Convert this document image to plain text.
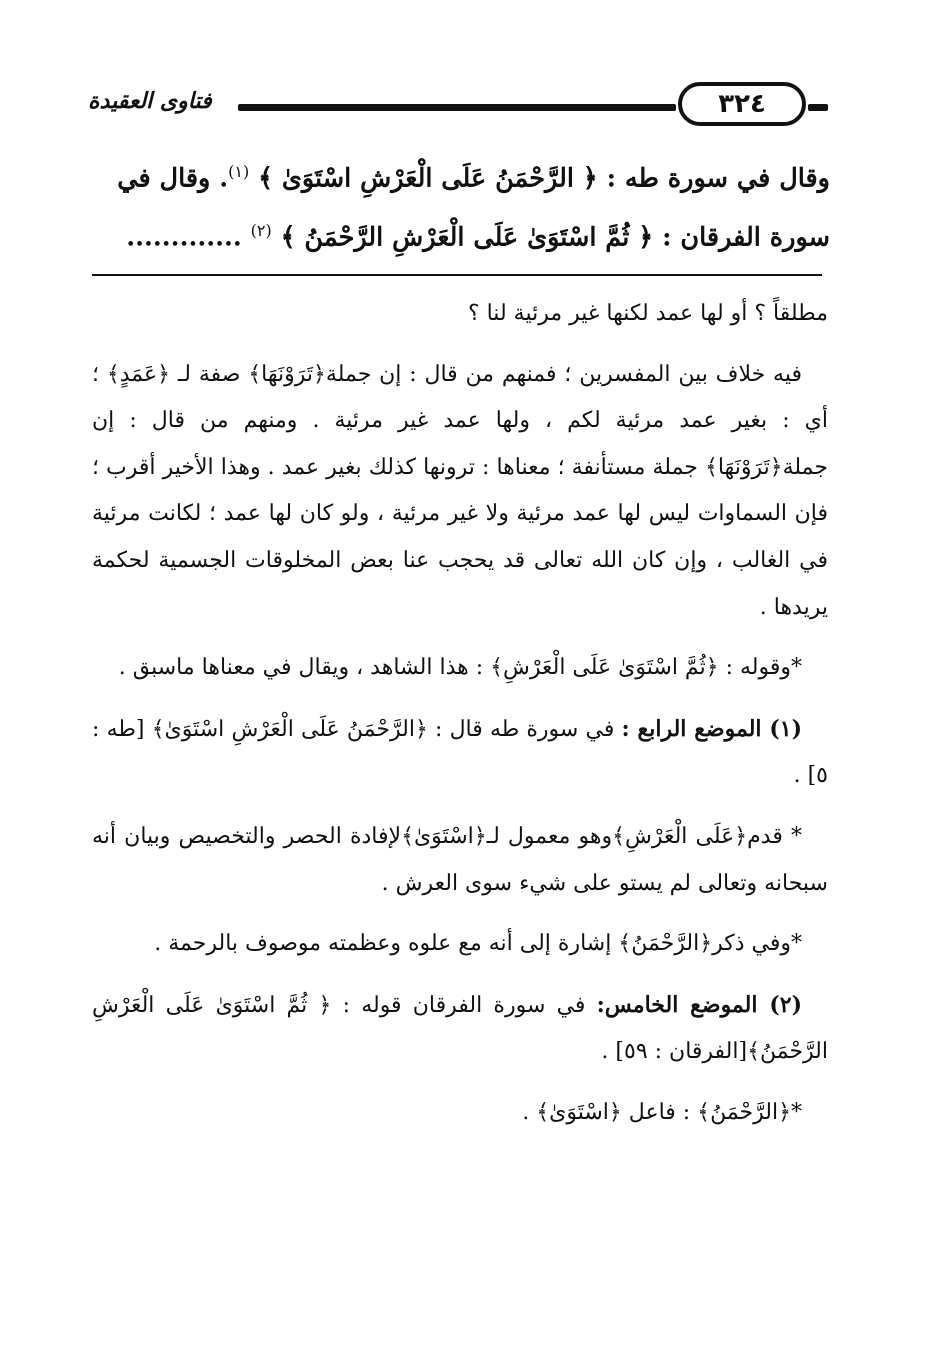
٣٢٤
فتاوى العقيدة

وقال في سورة طه : ﴿ الرَّحْمَنُ عَلَى الْعَرْشِ اسْتَوَىٰ ﴾ $^{(١)}$. وقال في

سورة الفرقان : ﴿ ثُمَّ اسْتَوَىٰ عَلَى الْعَرْشِ الرَّحْمَنُ ﴾ $^{(٢)}$ .............

مطلقاً ؟ أو لها عمد لكنها غير مرئية لنا ؟

فيه خلاف بين المفسرين ؛ فمنهم من قال : إن جملة﴿تَرَوْنَهَا﴾ صفة لـ ﴿عَمَدٍ﴾ ؛ أي : بغير عمد مرئية لكم ، ولها عمد غير مرئية . ومنهم من قال : إن جملة﴿تَرَوْنَهَا﴾ جملة مستأنفة ؛ معناها : ترونها كذلك بغير عمد . وهذا الأخير أقرب ؛ فإن السماوات ليس لها عمد مرئية ولا غير مرئية ، ولو كان لها عمد ؛ لكانت مرئية في الغالب ، وإن كان الله تعالى قد يحجب عنا بعض المخلوقات الجسمية لحكمة يريدها .

*وقوله : ﴿ثُمَّ اسْتَوَىٰ عَلَى الْعَرْشِ﴾ : هذا الشاهد ، ويقال في معناها ماسبق .

(١) الموضع الرابع : في سورة طه قال : ﴿الرَّحْمَنُ عَلَى الْعَرْشِ اسْتَوَىٰ﴾ [طه : ٥] .

* قدم﴿عَلَى الْعَرْشِ﴾وهو معمول لـ﴿اسْتَوَىٰ﴾لإفادة الحصر والتخصيص وبيان أنه سبحانه وتعالى لم يستو على شيء سوى العرش .

*وفي ذكر﴿الرَّحْمَنُ﴾ إشارة إلى أنه مع علوه وعظمته موصوف بالرحمة .

(٢) الموضع الخامس: في سورة الفرقان قوله : ﴿ ثُمَّ اسْتَوَىٰ عَلَى الْعَرْشِ الرَّحْمَنُ﴾[الفرقان : ٥٩] .

*﴿الرَّحْمَنُ﴾ : فاعل ﴿اسْتَوَىٰ﴾ .
